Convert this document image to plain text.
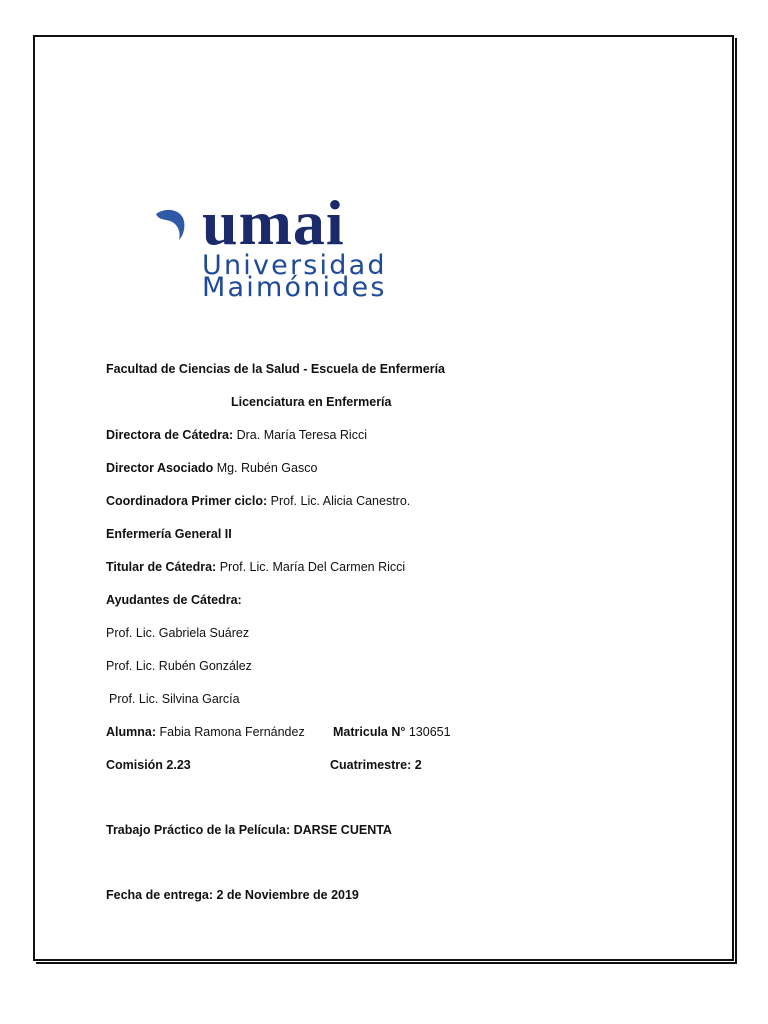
umai
Universidad
Maimónides
Facultad de Ciencias de la Salud - Escuela de Enfermería
Licenciatura en Enfermería
Directora de Cátedra: Dra. María Teresa Ricci
Director Asociado Mg. Rubén Gasco
Coordinadora Primer ciclo: Prof. Lic. Alicia Canestro.
Enfermería General II
Titular de Cátedra: Prof. Lic. María Del Carmen Ricci
Ayudantes de Cátedra:
Prof. Lic. Gabriela Suárez
Prof. Lic. Rubén González
Prof. Lic. Silvina García
Alumna: Fabia Ramona Fernández Matricula N° 130651
Comisión 2.23	Cuatrimestre: 2
Trabajo Práctico de la Película: DARSE CUENTA
Fecha de entrega: 2 de Noviembre de 2019
